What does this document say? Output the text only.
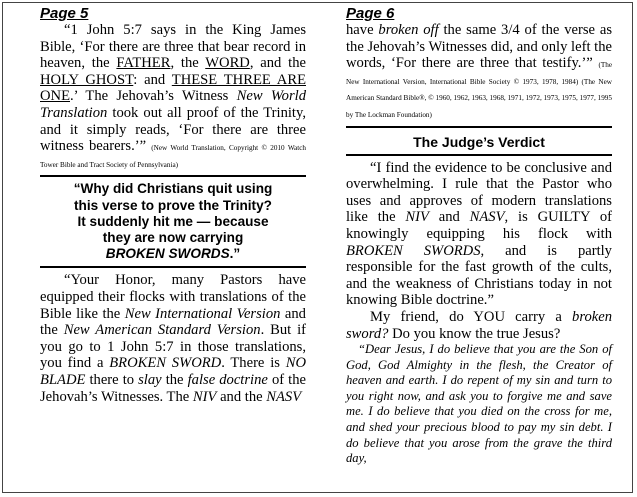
Page 5

“1 John 5:7 says in the King James Bible, ‘For there are three that bear record in heaven, the FATHER, the WORD, and the HOLY GHOST: and THESE THREE ARE ONE.’ The Jehovah’s Witness New World Translation took out all proof of the Trinity, and it simply reads, ‘For there are three witness bearers.’” (New World Translation, Copyright © 2010 Watch Tower Bible and Tract Society of Pennsylvania)

“Why did Christians quit using
this verse to prove the Trinity?
It suddenly hit me — because
they are now carrying
BROKEN SWORDS.”

“Your Honor, many Pastors have equipped their flocks with translations of the Bible like the New International Version and the New American Standard Version. But if you go to 1 John 5:7 in those translations, you find a BROKEN SWORD. There is NO BLADE there to slay the false doctrine of the Jehovah’s Witnesses. The NIV and the NASV

Page 6

have broken off the same 3/4 of the verse as the Jehovah’s Witnesses did, and only left the words, ‘For there are three that testify.’” (The New International Version, International Bible Society © 1973, 1978, 1984) (The New American Standard Bible®, © 1960, 1962, 1963, 1968, 1971, 1972, 1973, 1975, 1977, 1995 by The Lockman Foundation)

The Judge’s Verdict

“I find the evidence to be conclusive and overwhelming. I rule that the Pastor who uses and approves of modern translations like the NIV and NASV, is GUILTY of knowingly equipping his flock with BROKEN SWORDS, and is partly responsible for the fast growth of the cults, and the weakness of Christians today in not knowing Bible doctrine.”

My friend, do YOU carry a broken sword? Do you know the true Jesus?

“Dear Jesus, I do believe that you are the Son of God, God Almighty in the flesh, the Creator of heaven and earth. I do repent of my sin and turn to you right now, and ask you to forgive me and save me. I do believe that you died on the cross for me, and shed your precious blood to pay my sin debt. I do believe that you arose from the grave the third day,
